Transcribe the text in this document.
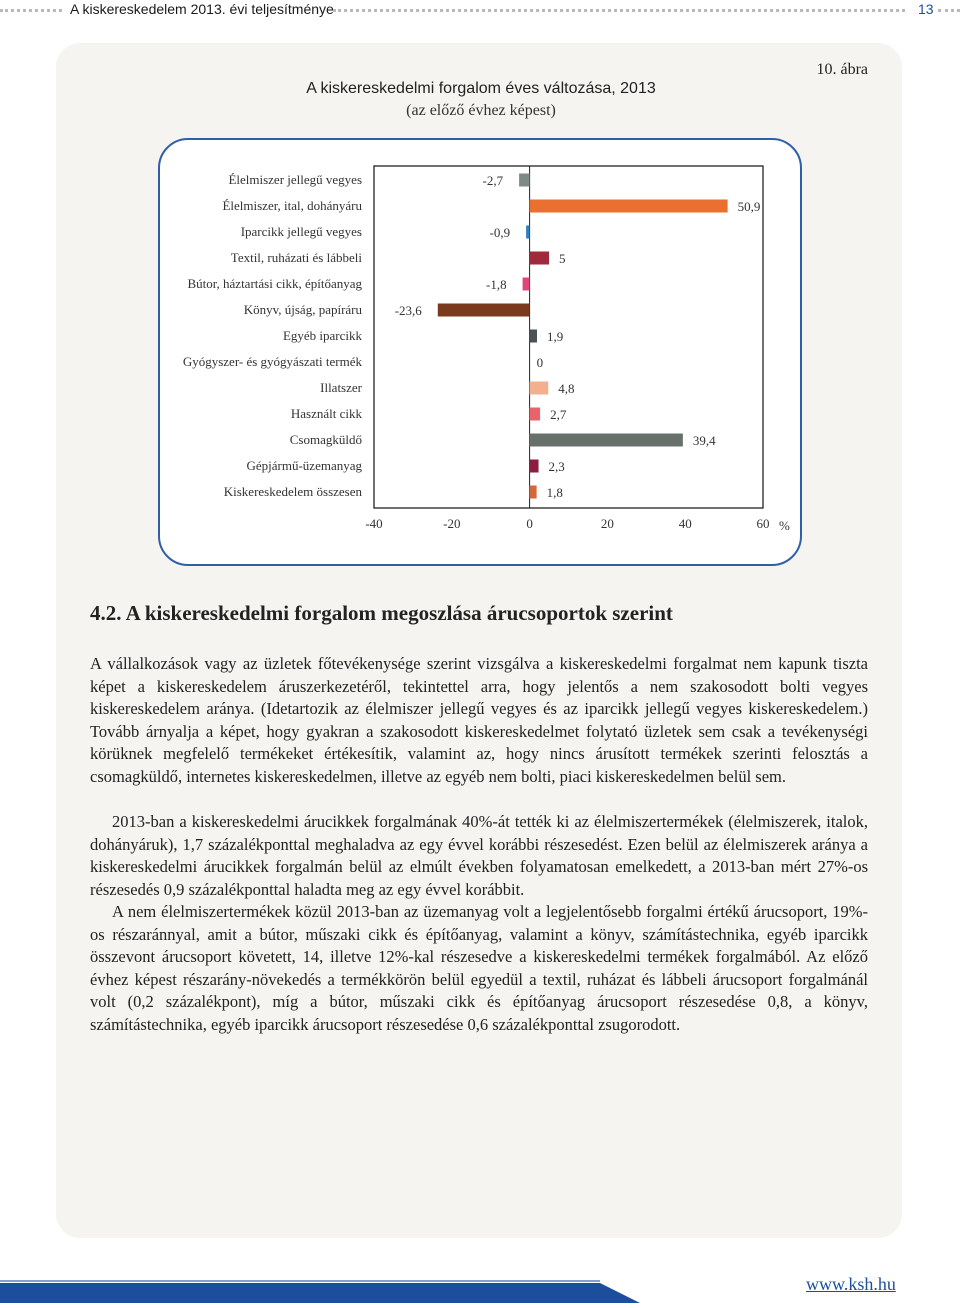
A kiskereskedelem 2013. évi teljesítménye	13
10. ábra
A kiskereskedelmi forgalom éves változása, 2013
(az előző évhez képest)
Élelmiszer jellegű vegyes	-2,7
Élelmiszer, ital, dohányáru	50,9
Iparcikk jellegű vegyes	-0,9
Textil, ruházati és lábbeli	5
Bútor, háztartási cikk, építőanyag	-1,8
Könyv, újság, papíráru	-23,6
Egyéb iparcikk	1,9
Gyógyszer- és gyógyászati termék	0
Illatszer	4,8
Használt cikk	2,7
Csomagküldő	39,4
Gépjármű-üzemanyag	2,3
Kiskereskedelem összesen	1,8
-40	-20	0	20	40	60 %
4.2. A kiskereskedelmi forgalom megoszlása árucsoportok szerint

A vállalkozások vagy az üzletek főtevékenysége szerint vizsgálva a kiskereskedelmi forgalmat nem kapunk tiszta képet a kiskereskedelem áruszerkezetéről, tekintettel arra, hogy jelentős a nem szakosodott bolti vegyes kiskereskedelem aránya. (Idetartozik az élelmiszer jellegű vegyes és az iparcikk jellegű vegyes kiskereskedelem.) Tovább árnyalja a képet, hogy gyakran a szakosodott kiskereskedelmet folytató üzletek sem csak a tevékenységi körüknek megfelelő termékeket értékesítik, valamint az, hogy nincs árusított termékek szerinti felosztás a csomagküldő, internetes kiskereskedelmen, illetve az egyéb nem bolti, piaci kiskereskedelmen belül sem.

2013-ban a kiskereskedelmi árucikkek forgalmának 40%-át tették ki az élelmiszertermékek (élelmiszerek, italok, dohányáruk), 1,7 százalékponttal meghaladva az egy évvel korábbi részesedést. Ezen belül az élelmiszerek aránya a kiskereskedelmi árucikkek forgalmán belül az elmúlt években folyamatosan emelkedett, a 2013-ban mért 27%-os részesedés 0,9 százalékponttal haladta meg az egy évvel korábbit.

A nem élelmiszertermékek közül 2013-ban az üzemanyag volt a legjelentősebb forgalmi értékű árucsoport, 19%-os részaránnyal, amit a bútor, műszaki cikk és építőanyag, valamint a könyv, számítástechnika, egyéb iparcikk összevont árucsoport követett, 14, illetve 12%-kal részesedve a kiskereskedelmi termékek forgalmából. Az előző évhez képest részarány-növekedés a termékkörön belül egyedül a textil, ruházat és lábbeli árucsoport forgalmánál volt (0,2 százalékpont), míg a bútor, műszaki cikk és építőanyag árucsoport részesedése 0,8, a könyv, számítástechnika, egyéb iparcikk árucsoport részesedése 0,6 százalékponttal zsugorodott.

www.ksh.hu
